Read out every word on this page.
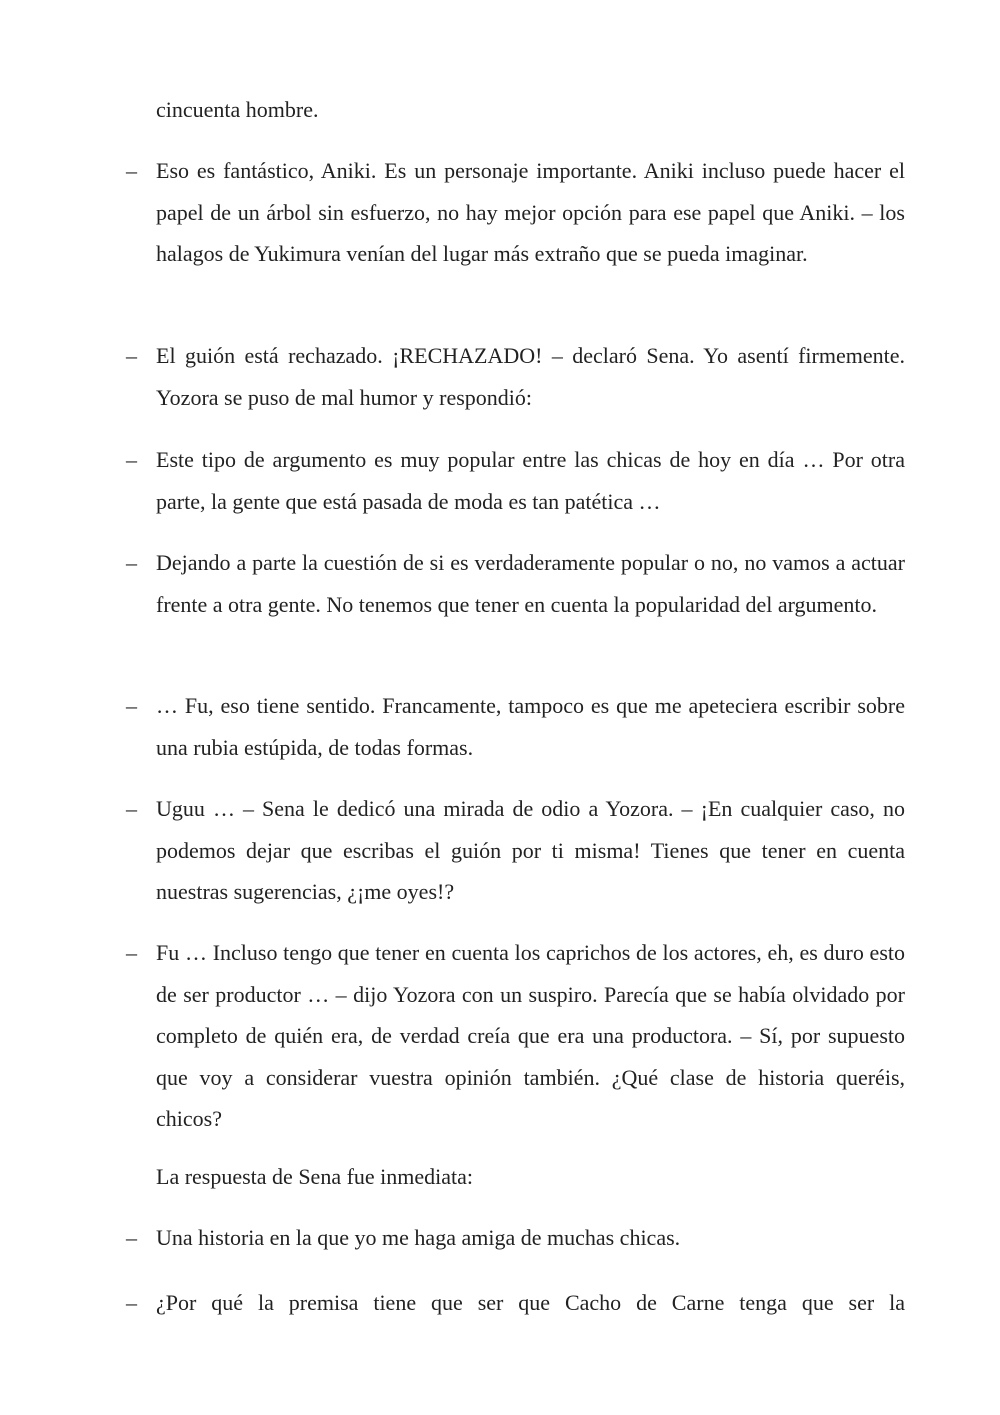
cincuenta hombre.

– Eso es fantástico, Aniki. Es un personaje importante. Aniki incluso puede hacer el papel de un árbol sin esfuerzo, no hay mejor opción para ese papel que Aniki. – los halagos de Yukimura venían del lugar más extraño que se pueda imaginar.

– El guión está rechazado. ¡RECHAZADO! – declaró Sena. Yo asentí firmemente. Yozora se puso de mal humor y respondió:

– Este tipo de argumento es muy popular entre las chicas de hoy en día … Por otra parte, la gente que está pasada de moda es tan patética …

– Dejando a parte la cuestión de si es verdaderamente popular o no, no vamos a actuar frente a otra gente. No tenemos que tener en cuenta la popularidad del argumento.

– … Fu, eso tiene sentido. Francamente, tampoco es que me apeteciera escribir sobre una rubia estúpida, de todas formas.

– Uguu … – Sena le dedicó una mirada de odio a Yozora. – ¡En cualquier caso, no podemos dejar que escribas el guión por ti misma! Tienes que tener en cuenta nuestras sugerencias, ¿¡me oyes!?

– Fu … Incluso tengo que tener en cuenta los caprichos de los actores, eh, es duro esto de ser productor … – dijo Yozora con un suspiro. Parecía que se había olvidado por completo de quién era, de verdad creía que era una productora. – Sí, por supuesto que voy a considerar vuestra opinión también. ¿Qué clase de historia queréis, chicos?

La respuesta de Sena fue inmediata:

– Una historia en la que yo me haga amiga de muchas chicas.

– ¿Por qué la premisa tiene que ser que Cacho de Carne tenga que ser la
